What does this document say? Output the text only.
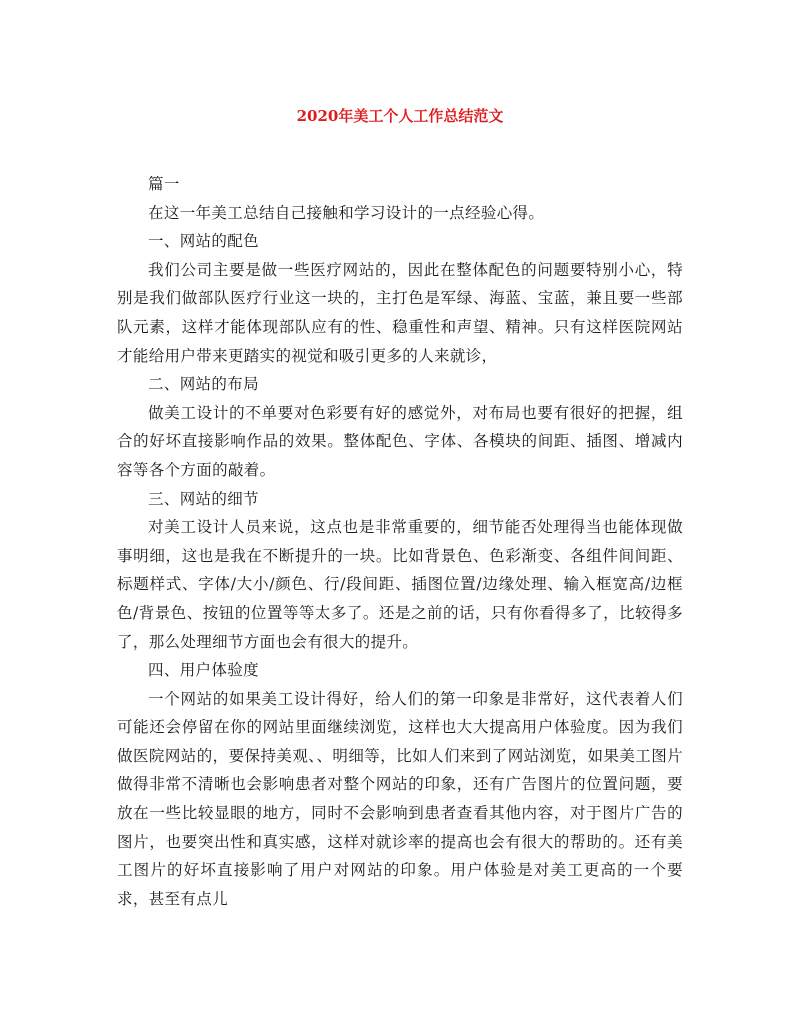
2020年美工个人工作总结范文

篇一

在这一年美工总结自己接触和学习设计的一点经验心得。

一、网站的配色

我们公司主要是做一些医疗网站的，因此在整体配色的问题要特别小心，特别是我们做部队医疗行业这一块的，主打色是军绿、海蓝、宝蓝，兼且要一些部队元素，这样才能体现部队应有的性、稳重性和声望、精神。只有这样医院网站才能给用户带来更踏实的视觉和吸引更多的人来就诊，

二、网站的布局

做美工设计的不单要对色彩要有好的感觉外，对布局也要有很好的把握，组合的好坏直接影响作品的效果。整体配色、字体、各模块的间距、插图、增减内容等各个方面的敲着。

三、网站的细节

对美工设计人员来说，这点也是非常重要的，细节能否处理得当也能体现做事明细，这也是我在不断提升的一块。比如背景色、色彩渐变、各组件间间距、标题样式、字体/大小/颜色、行/段间距、插图位置/边缘处理、输入框宽高/边框色/背景色、按钮的位置等等太多了。还是之前的话，只有你看得多了，比较得多了，那么处理细节方面也会有很大的提升。

四、用户体验度

一个网站的如果美工设计得好，给人们的第一印象是非常好，这代表着人们可能还会停留在你的网站里面继续浏览，这样也大大提高用户体验度。因为我们做医院网站的，要保持美观、、明细等，比如人们来到了网站浏览，如果美工图片做得非常不清晰也会影响患者对整个网站的印象，还有广告图片的位置问题，要放在一些比较显眼的地方，同时不会影响到患者查看其他内容，对于图片广告的图片，也要突出性和真实感，这样对就诊率的提高也会有很大的帮助的。还有美工图片的好坏直接影响了用户对网站的印象。用户体验是对美工更高的一个要求，甚至有点儿
